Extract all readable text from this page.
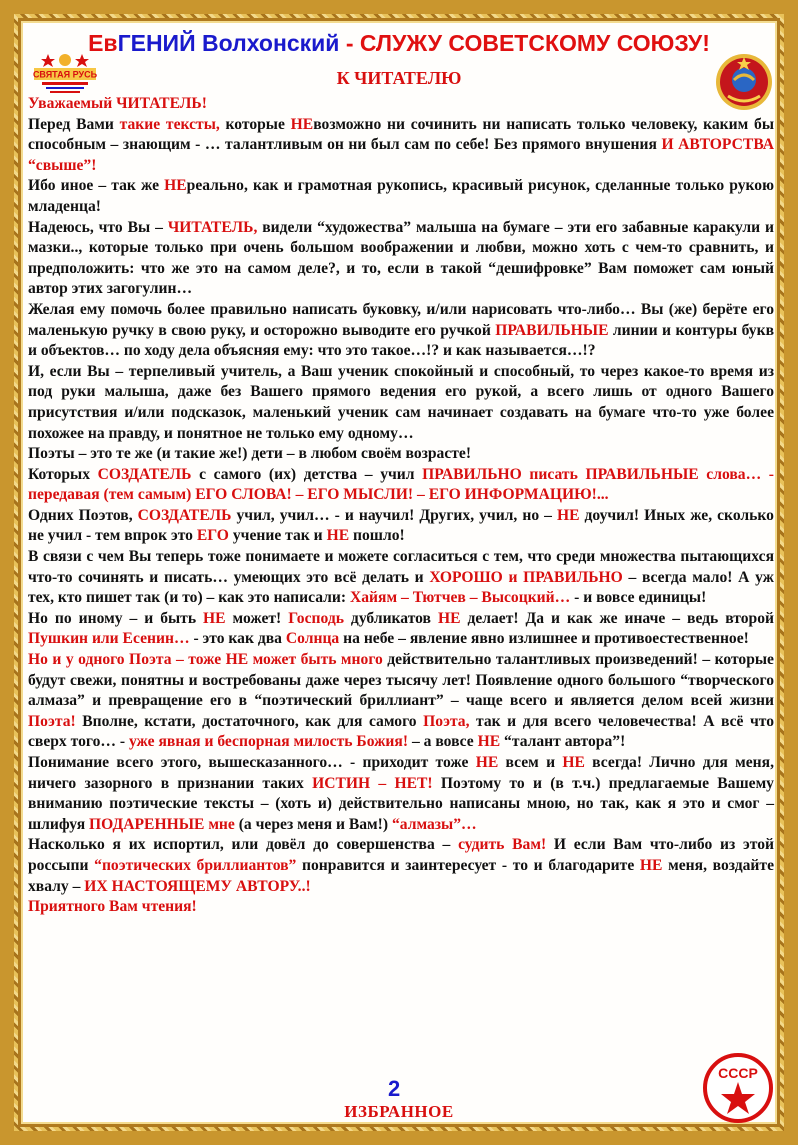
ЕвГЕНИЙ Волхонский - СЛУЖУ СОВЕТСКОМУ СОЮЗУ!
СВЯТАЯ РУСЬ	К ЧИТАТЕЛЮ

Уважаемый ЧИТАТЕЛЬ!

Перед Вами такие тексты, которые НЕвозможно ни сочинить ни написать только человеку, каким бы способным – знающим - … талантливым он ни был сам по себе! Без прямого внушения И АВТОРСТВА “свыше”!

Ибо иное – так же НЕреально, как и грамотная рукопись, красивый рисунок, сделанные только рукою младенца!

Надеюсь, что Вы – ЧИТАТЕЛЬ, видели “художества” малыша на бумаге – эти его забавные каракули и мазки.., которые только при очень большом воображении и любви, можно хоть с чем-то сравнить, и предположить: что же это на самом деле?, и то, если в такой “дешифровке” Вам поможет сам юный автор этих загогулин…

Желая ему помочь более правильно написать буковку, и/или нарисовать что-либо… Вы (же) берёте его маленькую ручку в свою руку, и осторожно выводите его ручкой ПРАВИЛЬНЫЕ линии и контуры букв и объектов… по ходу дела объясняя ему: что это такое…!? и как называется…!?

И, если Вы – терпеливый учитель, а Ваш ученик спокойный и способный, то через какое-то время из под руки малыша, даже без Вашего прямого ведения его рукой, а всего лишь от одного Вашего присутствия и/или подсказок, маленький ученик сам начинает создавать на бумаге что-то уже более похожее на правду, и понятное не только ему одному…

Поэты – это те же (и такие же!) дети – в любом своём возрасте!

Которых СОЗДАТЕЛЬ с самого (их) детства – учил ПРАВИЛЬНО писать ПРАВИЛЬНЫЕ слова… - передавая (тем самым) ЕГО СЛОВА! – ЕГО МЫСЛИ! – ЕГО ИНФОРМАЦИЮ!...

Одних Поэтов, СОЗДАТЕЛЬ учил, учил… - и научил! Других, учил, но – НЕ доучил! Иных же, сколько не учил - тем впрок это ЕГО учение так и НЕ пошло!

В связи с чем Вы теперь тоже понимаете и можете согласиться с тем, что среди множества пытающихся что-то сочинять и писать… умеющих это всё делать и ХОРОШО и ПРАВИЛЬНО – всегда мало! А уж тех, кто пишет так (и то) – как это написали: Хайям – Тютчев – Высоцкий… - и вовсе единицы!

Но по иному – и быть НЕ может! Господь дубликатов НЕ делает! Да и как же иначе – ведь второй Пушкин или Есенин… - это как два Солнца на небе – явление явно излишнее и противоестественное!

Но и у одного Поэта – тоже НЕ может быть много действительно талантливых произведений! – которые будут свежи, понятны и востребованы даже через тысячу лет! Появление одного большого “творческого алмаза” и превращение его в “поэтический бриллиант” – чаще всего и является делом всей жизни Поэта! Вполне, кстати, достаточного, как для самого Поэта, так и для всего человечества! А всё что сверх того… - уже явная и беспорная милость Божия! – а вовсе НЕ “талант автора”!

Понимание всего этого, вышесказанного… - приходит тоже НЕ всем и НЕ всегда! Лично для меня, ничего зазорного в признании таких ИСТИН – НЕТ! Поэтому то и (в т.ч.) предлагаемые Вашему вниманию поэтические тексты – (хоть и) действительно написаны мною, но так, как я это и смог – шлифуя ПОДАРЕННЫЕ мне (а через меня и Вам!) “алмазы”…

Насколько я их испортил, или довёл до совершенства – судить Вам! И если Вам что-либо из этой россыпи “поэтических бриллиантов” понравится и заинтересует - то и благодарите НЕ меня, воздайте хвалу – ИХ НАСТОЯЩЕМУ АВТОРУ..!

Приятного Вам чтения!

СССР
2
ИЗБРАННОЕ
